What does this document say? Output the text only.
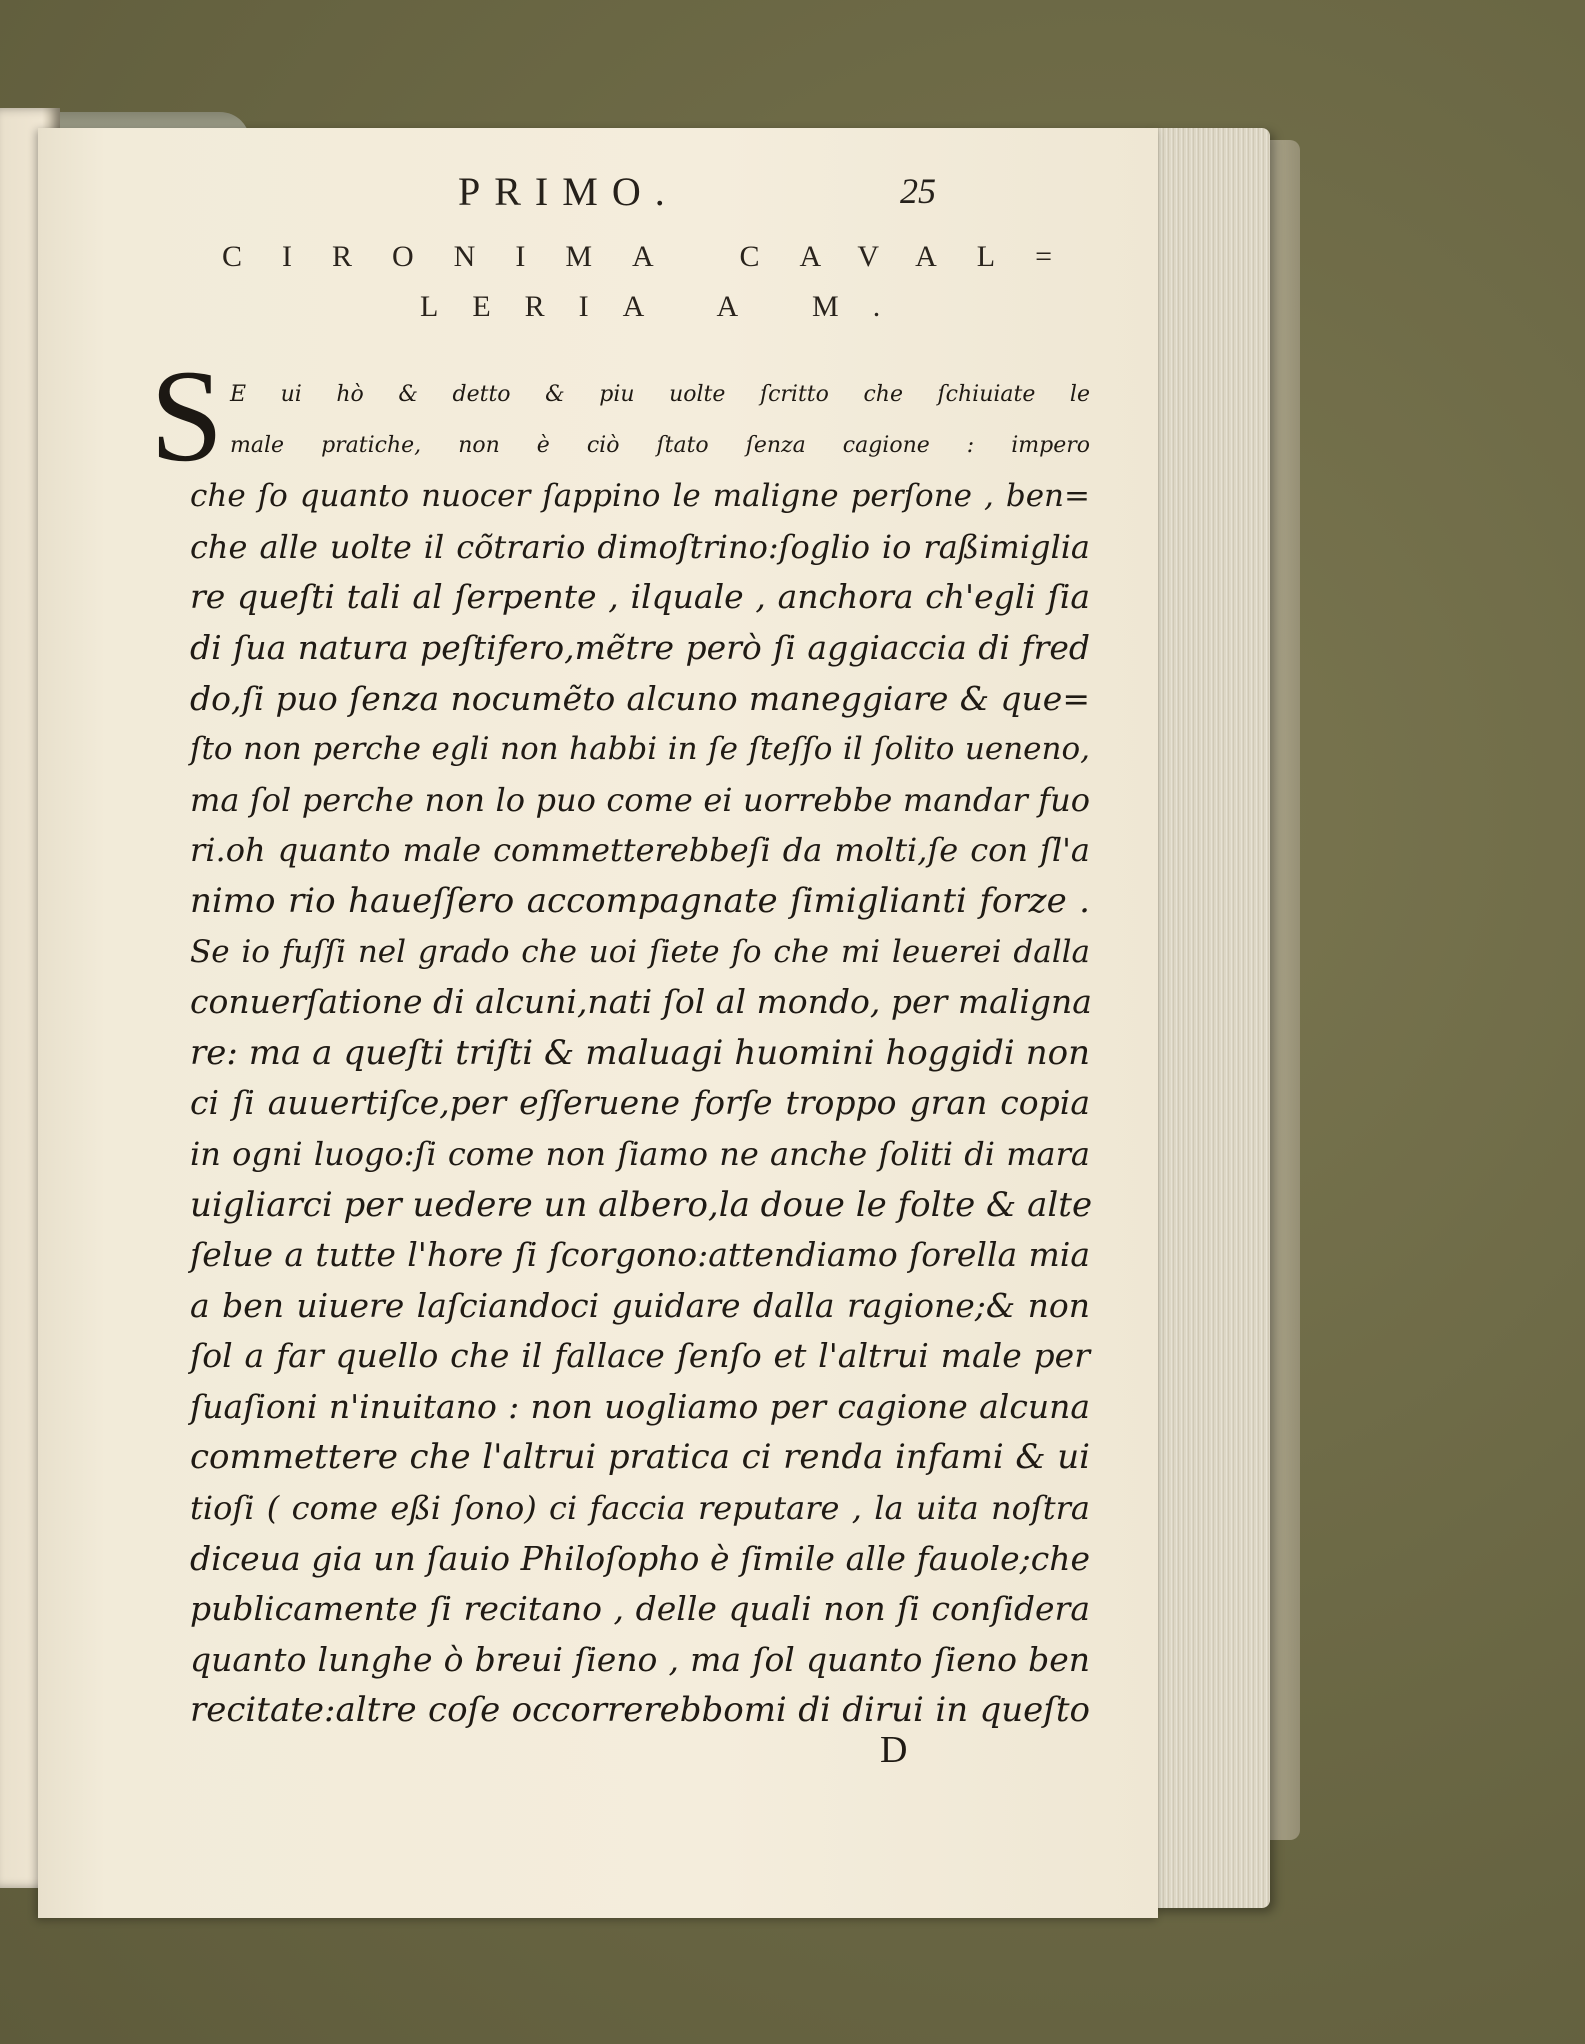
PRIMO.	25
CIRONIMA CAVAL=
LERIA A M.
S E ui hò & detto & piu uolte ſcritto che ſchiuiate le
male pratiche, non è ciò ſtato ſenza cagione : impero
che ſo quanto nuocer ſappino le maligne perſone , ben=
che alle uolte il cõtrario dimoſtrino:ſoglio io raßimiglia
re queſti tali al ſerpente , ilquale , anchora ch'egli ſia
di ſua natura peſtifero,mẽtre però ſi aggiaccia di fred
do,ſi puo ſenza nocumẽto alcuno maneggiare & que=
ſto non perche egli non habbi in ſe ſteſſo il ſolito ueneno,
ma ſol perche non lo puo come ei uorrebbe mandar fuo
ri.oh quanto male commetterebbeſi da molti,ſe con ſl'a
nimo rio haueſſero accompagnate ſimiglianti forze .
Se io fuſſi nel grado che uoi ſiete ſo che mi leuerei dalla
conuerſatione di alcuni,nati ſol al mondo, per maligna
re: ma a queſti triſti & maluagi huomini hoggidi non
ci ſi auuertiſce,per eſſeruene forſe troppo gran copia
in ogni luogo:ſi come non ſiamo ne anche ſoliti di mara
uigliarci per uedere un albero,la doue le folte & alte
ſelue a tutte l'hore ſi ſcorgono:attendiamo ſorella mia
a ben uiuere laſciandoci guidare dalla ragione;& non
ſol a far quello che il fallace ſenſo et l'altrui male per
ſuaſioni n'inuitano : non uogliamo per cagione alcuna
commettere che l'altrui pratica ci renda infami & ui
tioſi ( come eßi ſono) ci faccia reputare , la uita noſtra
diceua gia un ſauio Philoſopho è ſimile alle fauole;che
publicamente ſi recitano , delle quali non ſi conſidera
quanto lunghe ò breui ſieno , ma ſol quanto ſieno ben
recitate:altre coſe occorrerebbomi di dirui in queſto
D
